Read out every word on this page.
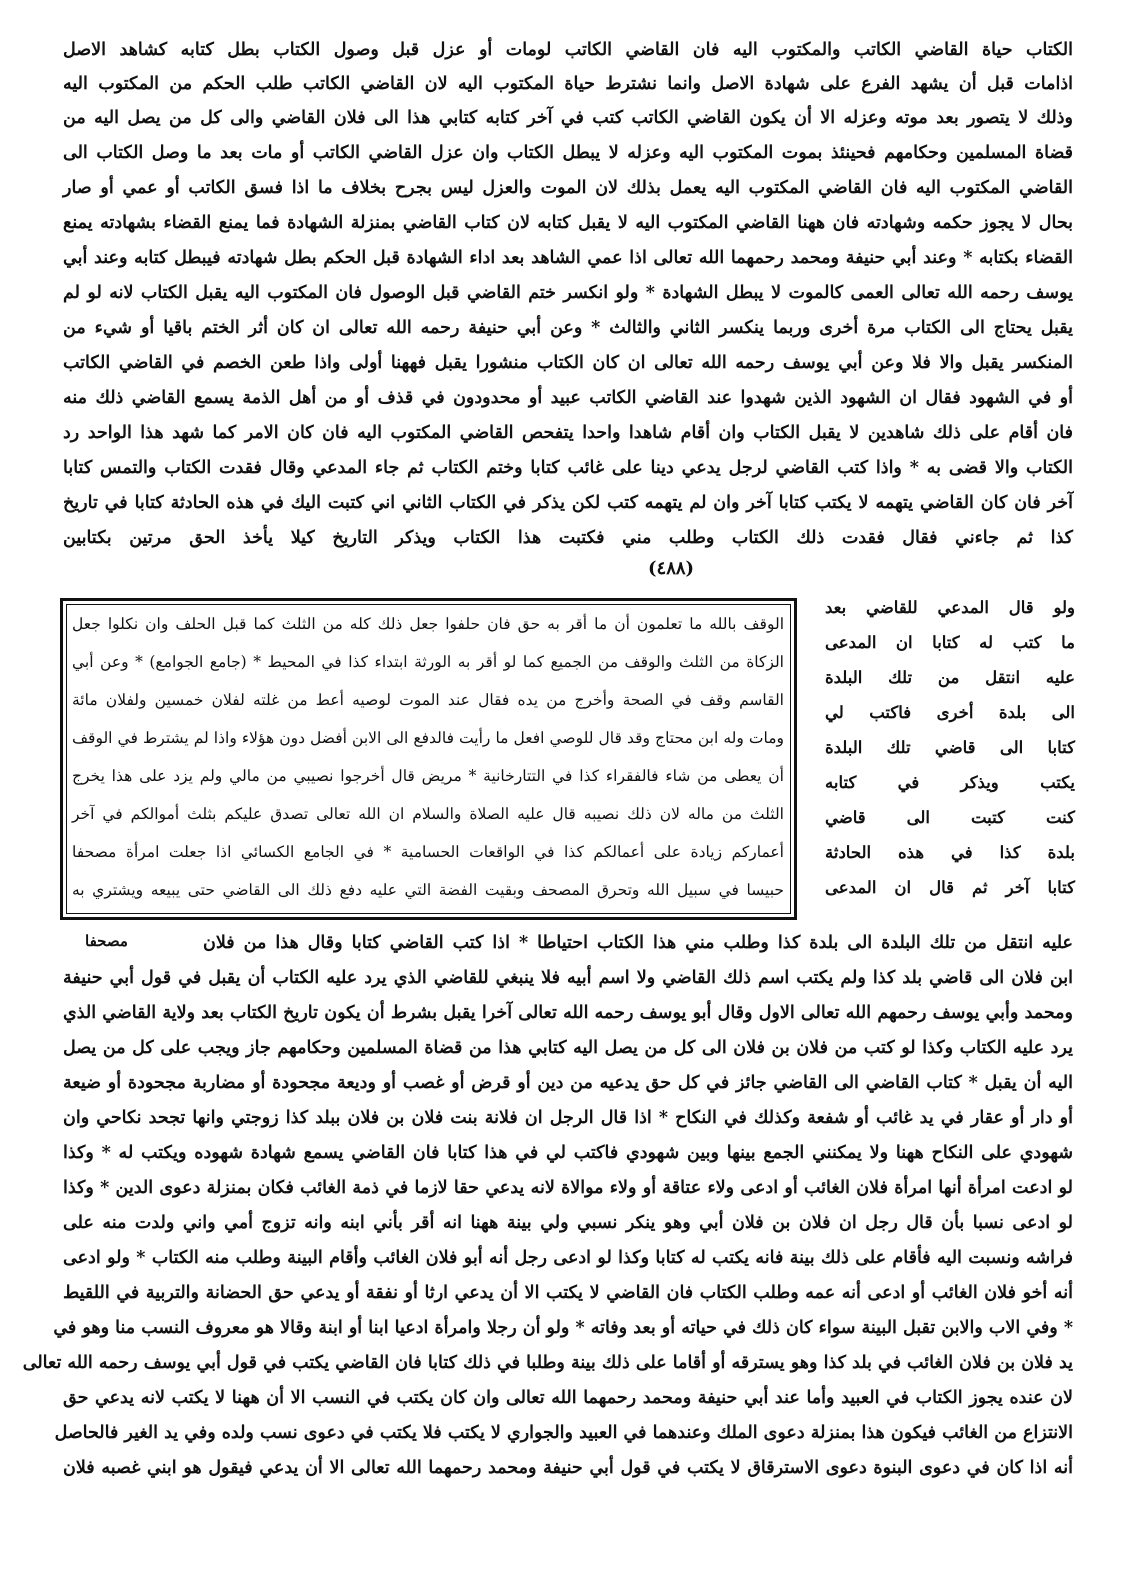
الكتاب حياة القاضي الكاتب والمكتوب اليه فان القاضي الكاتب لومات أو عزل قبل وصول الكتاب بطل كتابه كشاهد الاصل
اذامات قبل أن يشهد الفرع على شهادة الاصل وانما نشترط حياة المكتوب اليه لان القاضي الكاتب طلب الحكم من المكتوب اليه
وذلك لا يتصور بعد موته وعزله الا أن يكون القاضي الكاتب كتب في آخر كتابه كتابي هذا الى فلان القاضي والى كل من يصل اليه من
قضاة المسلمين وحكامهم فحينئذ بموت المكتوب اليه وعزله لا يبطل الكتاب وان عزل القاضي الكاتب أو مات بعد ما وصل الكتاب الى
القاضي المكتوب اليه فان القاضي المكتوب اليه يعمل بذلك لان الموت والعزل ليس بجرح بخلاف ما اذا فسق الكاتب أو عمي أو صار
بحال لا يجوز حكمه وشهادته فان ههنا القاضي المكتوب اليه لا يقبل كتابه لان كتاب القاضي بمنزلة الشهادة فما يمنع القضاء بشهادته يمنع
القضاء بكتابه * وعند أبي حنيفة ومحمد رحمهما الله تعالى اذا عمي الشاهد بعد اداء الشهادة قبل الحكم بطل شهادته فيبطل كتابه وعند أبي
يوسف رحمه الله تعالى العمى كالموت لا يبطل الشهادة * ولو انكسر ختم القاضي قبل الوصول فان المكتوب اليه يقبل الكتاب لانه لو لم
يقبل يحتاج الى الكتاب مرة أخرى وربما ينكسر الثاني والثالث * وعن أبي حنيفة رحمه الله تعالى ان كان أثر الختم باقيا أو شيء من
المنكسر يقبل والا فلا وعن أبي يوسف رحمه الله تعالى ان كان الكتاب منشورا يقبل فههنا أولى واذا طعن الخصم في القاضي الكاتب
أو في الشهود فقال ان الشهود الذين شهدوا عند القاضي الكاتب عبيد أو محدودون في قذف أو من أهل الذمة يسمع القاضي ذلك منه
فان أقام على ذلك شاهدين لا يقبل الكتاب وان أقام شاهدا واحدا يتفحص القاضي المكتوب اليه فان كان الامر كما شهد هذا الواحد رد
الكتاب والا قضى به * واذا كتب القاضي لرجل يدعي دينا على غائب كتابا وختم الكتاب ثم جاء المدعي وقال فقدت الكتاب والتمس كتابا
آخر فان كان القاضي يتهمه لا يكتب كتابا آخر وان لم يتهمه كتب لكن يذكر في الكتاب الثاني اني كتبت اليك في هذه الحادثة كتابا في تاريخ
كذا ثم جاءني فقال فقدت ذلك الكتاب وطلب مني فكتبت هذا الكتاب ويذكر التاريخ كيلا يأخذ الحق مرتين بكتابين
(٤٨٨)
ولو قال المدعي للقاضي بعد
ما كتب له كتابا ان المدعى
عليه انتقل من تلك البلدة
الى بلدة أخرى فاكتب لي
كتابا الى قاضي تلك البلدة
يكتب ويذكر في كتابه
كنت كتبت الى قاضي
بلدة كذا في هذه الحادثة
كتابا آخر ثم قال ان المدعى
الوقف بالله ما تعلمون أن ما أقر به حق فان حلفوا جعل ذلك كله من الثلث كما قبل الحلف وان نكلوا جعل
الزكاة من الثلث والوقف من الجميع كما لو أقر به الورثة ابتداء كذا في المحيط * (جامع الجوامع) * وعن أبي
القاسم وقف في الصحة وأخرج من يده فقال عند الموت لوصيه أعط من غلته لفلان خمسين ولفلان مائة
ومات وله ابن محتاج وقد قال للوصي افعل ما رأيت فالدفع الى الابن أفضل دون هؤلاء واذا لم يشترط في الوقف
أن يعطى من شاء فالفقراء كذا في التتارخانية * مريض قال أخرجوا نصيبي من مالي ولم يزد على هذا يخرج
الثلث من ماله لان ذلك نصيبه قال عليه الصلاة والسلام ان الله تعالى تصدق عليكم بثلث أموالكم في آخر
أعماركم زيادة على أعمالكم كذا في الواقعات الحسامية * في الجامع الكسائي اذا جعلت امرأة مصحفا
حبيسا في سبيل الله وتحرق المصحف وبقيت الفضة التي عليه دفع ذلك الى القاضي حتى يبيعه ويشتري به
مصحفا	عليه انتقل من تلك البلدة الى بلدة كذا وطلب مني هذا الكتاب احتياطا * اذا كتب القاضي كتابا وقال هذا من فلان
ابن فلان الى قاضي بلد كذا ولم يكتب اسم ذلك القاضي ولا اسم أبيه فلا ينبغي للقاضي الذي يرد عليه الكتاب أن يقبل في قول أبي حنيفة
ومحمد وأبي يوسف رحمهم الله تعالى الاول وقال أبو يوسف رحمه الله تعالى آخرا يقبل بشرط أن يكون تاريخ الكتاب بعد ولاية القاضي الذي
يرد عليه الكتاب وكذا لو كتب من فلان بن فلان الى كل من يصل اليه كتابي هذا من قضاة المسلمين وحكامهم جاز ويجب على كل من يصل
اليه أن يقبل * كتاب القاضي الى القاضي جائز في كل حق يدعيه من دين أو قرض أو غصب أو وديعة مجحودة أو مضاربة مجحودة أو ضيعة
أو دار أو عقار في يد غائب أو شفعة وكذلك في النكاح * اذا قال الرجل ان فلانة بنت فلان بن فلان ببلد كذا زوجتي وانها تجحد نكاحي وان
شهودي على النكاح ههنا ولا يمكنني الجمع بينها وبين شهودي فاكتب لي في هذا كتابا فان القاضي يسمع شهادة شهوده ويكتب له * وكذا
لو ادعت امرأة أنها امرأة فلان الغائب أو ادعى ولاء عتاقة أو ولاء موالاة لانه يدعي حقا لازما في ذمة الغائب فكان بمنزلة دعوى الدين * وكذا
لو ادعى نسبا بأن قال رجل ان فلان بن فلان أبي وهو ينكر نسبي ولي بينة ههنا انه أقر بأني ابنه وانه تزوج أمي واني ولدت منه على
فراشه ونسبت اليه فأقام على ذلك بينة فانه يكتب له كتابا وكذا لو ادعى رجل أنه أبو فلان الغائب وأقام البينة وطلب منه الكتاب * ولو ادعى
أنه أخو فلان الغائب أو ادعى أنه عمه وطلب الكتاب فان القاضي لا يكتب الا أن يدعي ارثا أو نفقة أو يدعي حق الحضانة والتربية في اللقيط
* وفي الاب والابن تقبل البينة سواء كان ذلك في حياته أو بعد وفاته * ولو أن رجلا وامرأة ادعيا ابنا أو ابنة وقالا هو معروف النسب منا وهو في
يد فلان بن فلان الغائب في بلد كذا وهو يسترقه أو أقاما على ذلك بينة وطلبا في ذلك كتابا فان القاضي يكتب في قول أبي يوسف رحمه الله تعالى
لان عنده يجوز الكتاب في العبيد وأما عند أبي حنيفة ومحمد رحمهما الله تعالى وان كان يكتب في النسب الا أن ههنا لا يكتب لانه يدعي حق
الانتزاع من الغائب فيكون هذا بمنزلة دعوى الملك وعندهما في العبيد والجواري لا يكتب فلا يكتب في دعوى نسب ولده وفي يد الغير فالحاصل
أنه اذا كان في دعوى البنوة دعوى الاسترقاق لا يكتب في قول أبي حنيفة ومحمد رحمهما الله تعالى الا أن يدعي فيقول هو ابني غصبه فلان
